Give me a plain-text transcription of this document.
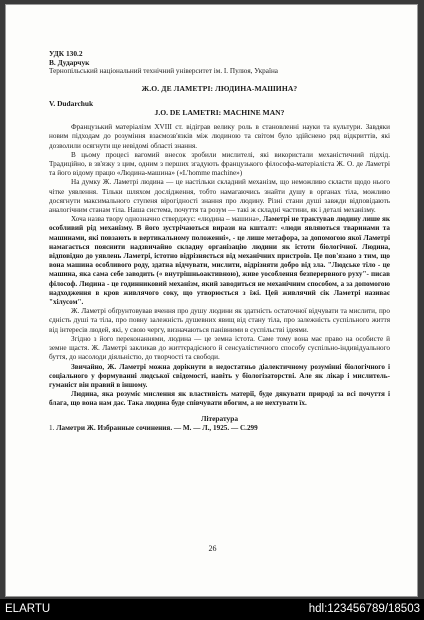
УДК 130.2
В. Дударчук
Тернопільський національний технічний університет ім. І. Пулюя, Україна
Ж.О. ДЕ ЛАМЕТРІ: ЛЮДИНА-МАШИНА?
V. Dudarchuk
J.O. DE LAMETRI: MACHINE MAN?

Французький матеріалізм XVIII ст. відіграв велику роль в становленні науки та культури. Завдяки новим підходам до розуміння взаємозв'язків між людиною та світом було здійснено ряд відкриттів, які дозволили осягнути ще невідомі області знання.

В цьому процесі вагомий внесок зробили мислителі, які використали механістичний підхід. Традиційно, в зв'язку з цим, одним з перших згадують французького філософа-матеріаліста Ж. О. де Ламетрі та його відому працю «Людина-машина» («L'homme machine»)

На думку Ж. Ламетрі людина — це настільки складний механізм, що неможливо скласти щодо нього чітке уявлення. Тільки шляхом дослідження, тобто намагаючись знайти душу в органах тіла, можливо досягнути максимального ступеня вірогідності знання про людину. Різні стани душі завжди відповідають аналогічним станам тіла. Наша система, почуття та розум — такі ж складні частини, як і деталі механізму.

Хоча назва твору однозначно стверджує: «людина – машина», Ламетрі не трактував людину лише як особливий рід механізму. В його зустрічаються вирази на кшталт: «люди являються тваринами та машинами, які повзають в вертикальному положенні», - це лише метафора, за допомогою якої Ламетрі намагається пояснити надзвичайно складну організацію людини як істоти біологічної. Людина, відповідно до уявлень Ламетрі, істотно відрізняється від механічних пристроїв. Це пов'язано з тим, що вона машина особливого роду, здатна відчувати, мислити, відрізняти добро від зла. "Людське тіло - це машина, яка сама себе заводить (« внутрішньоактивною), живе уособлення безперервного руху"- писав філософ. Людина - це годинниковий механізм, який заводиться не механічним способом, а за допомогою надходження в кров живлячого соку, що утворюється з їжі. Цей живлячий сік Ламетрі називає "хілусом".

Ж. Ламетрі обґрунтовував вчення про душу людини як здатність остаточної відчувати та мислити, про єдність душі та тіла, про повну залежність душевних явищ від стану тіла, про залежність суспільного життя від інтересів людей, які, у свою чергу, визначаються панівними в суспільстві ідеями.

Згідно з його переконаннями, людина — це земна істота. Саме тому вона має право на особисте й земне щастя. Ж. Ламетрі закликав до життєрадісного й сенсуалістичного способу суспільно-індивідуального буття, до насолоди діяльністю, до творчості та свободи.

Звичайно, Ж. Ламетрі можна дорікнути в недостатньо діалектичному розумінні біологічного і соціального у формуванні людської свідомості, навіть у біологізаторстві. Але як лікар і мислитель-гуманіст він правий в іншому.

Людина, яка розуміє мислення як властивість матерії, буде дякувати природі за всі почуття і блага, що вона нам дає. Така людина буде співчувати вбогим, а не нехтувати їх.

Література
1. Ламетри Ж. Избранные сочинения. — М. — Л., 1925. — С.299
26
ELARTU	hdl:123456789/18503
